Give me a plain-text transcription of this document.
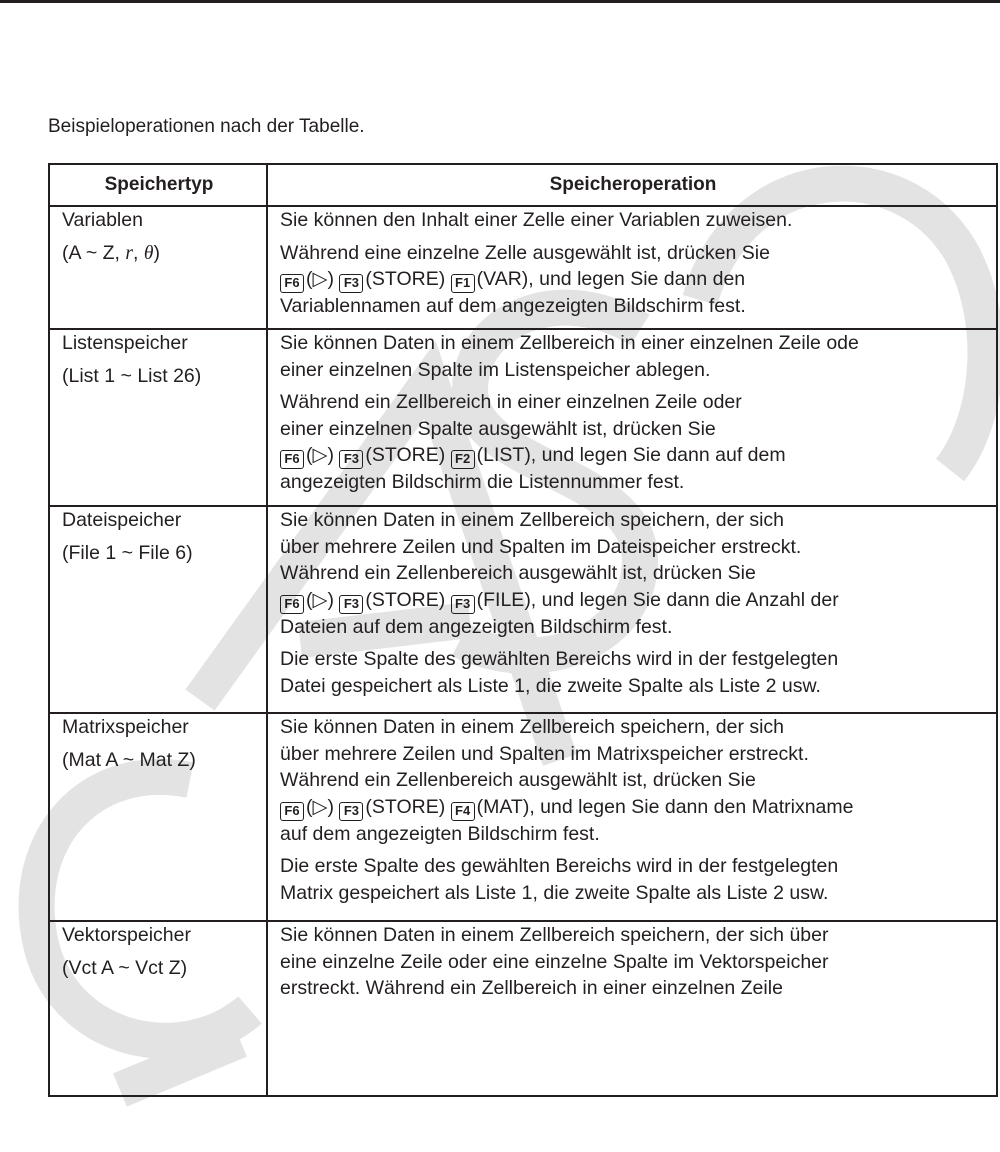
Beispieloperationen nach der Tabelle.
Speichertyp	Speicheroperation

Variablen
(A ~ Z, r, θ)

Sie können den Inhalt einer Zelle einer Variablen zuweisen.
Während eine einzelne Zelle ausgewählt ist, drücken Sie
F6 (▷) F3 (STORE) F1 (VAR), und legen Sie dann den
Variablennamen auf dem angezeigten Bildschirm fest.

Listenspeicher
(List 1 ~ List 26)

Sie können Daten in einem Zellbereich in einer einzelnen Zeile ode
einer einzelnen Spalte im Listenspeicher ablegen.
Während ein Zellbereich in einer einzelnen Zeile oder
einer einzelnen Spalte ausgewählt ist, drücken Sie
F6 (▷) F3 (STORE) F2 (LIST), und legen Sie dann auf dem
angezeigten Bildschirm die Listennummer fest.

Dateispeicher
(File 1 ~ File 6)

Sie können Daten in einem Zellbereich speichern, der sich
über mehrere Zeilen und Spalten im Dateispeicher erstreckt.
Während ein Zellenbereich ausgewählt ist, drücken Sie
F6 (▷) F3 (STORE) F3 (FILE), und legen Sie dann die Anzahl der
Dateien auf dem angezeigten Bildschirm fest.
Die erste Spalte des gewählten Bereichs wird in der festgelegten
Datei gespeichert als Liste 1, die zweite Spalte als Liste 2 usw.

Matrixspeicher
(Mat A ~ Mat Z)

Sie können Daten in einem Zellbereich speichern, der sich
über mehrere Zeilen und Spalten im Matrixspeicher erstreckt.
Während ein Zellenbereich ausgewählt ist, drücken Sie
F6 (▷) F3 (STORE) F4 (MAT), und legen Sie dann den Matrixname
auf dem angezeigten Bildschirm fest.
Die erste Spalte des gewählten Bereichs wird in der festgelegten
Matrix gespeichert als Liste 1, die zweite Spalte als Liste 2 usw.

Vektorspeicher
(Vct A ~ Vct Z)

Sie können Daten in einem Zellbereich speichern, der sich über
eine einzelne Zeile oder eine einzelne Spalte im Vektorspeicher
erstreckt. Während ein Zellbereich in einer einzelnen Zeile
